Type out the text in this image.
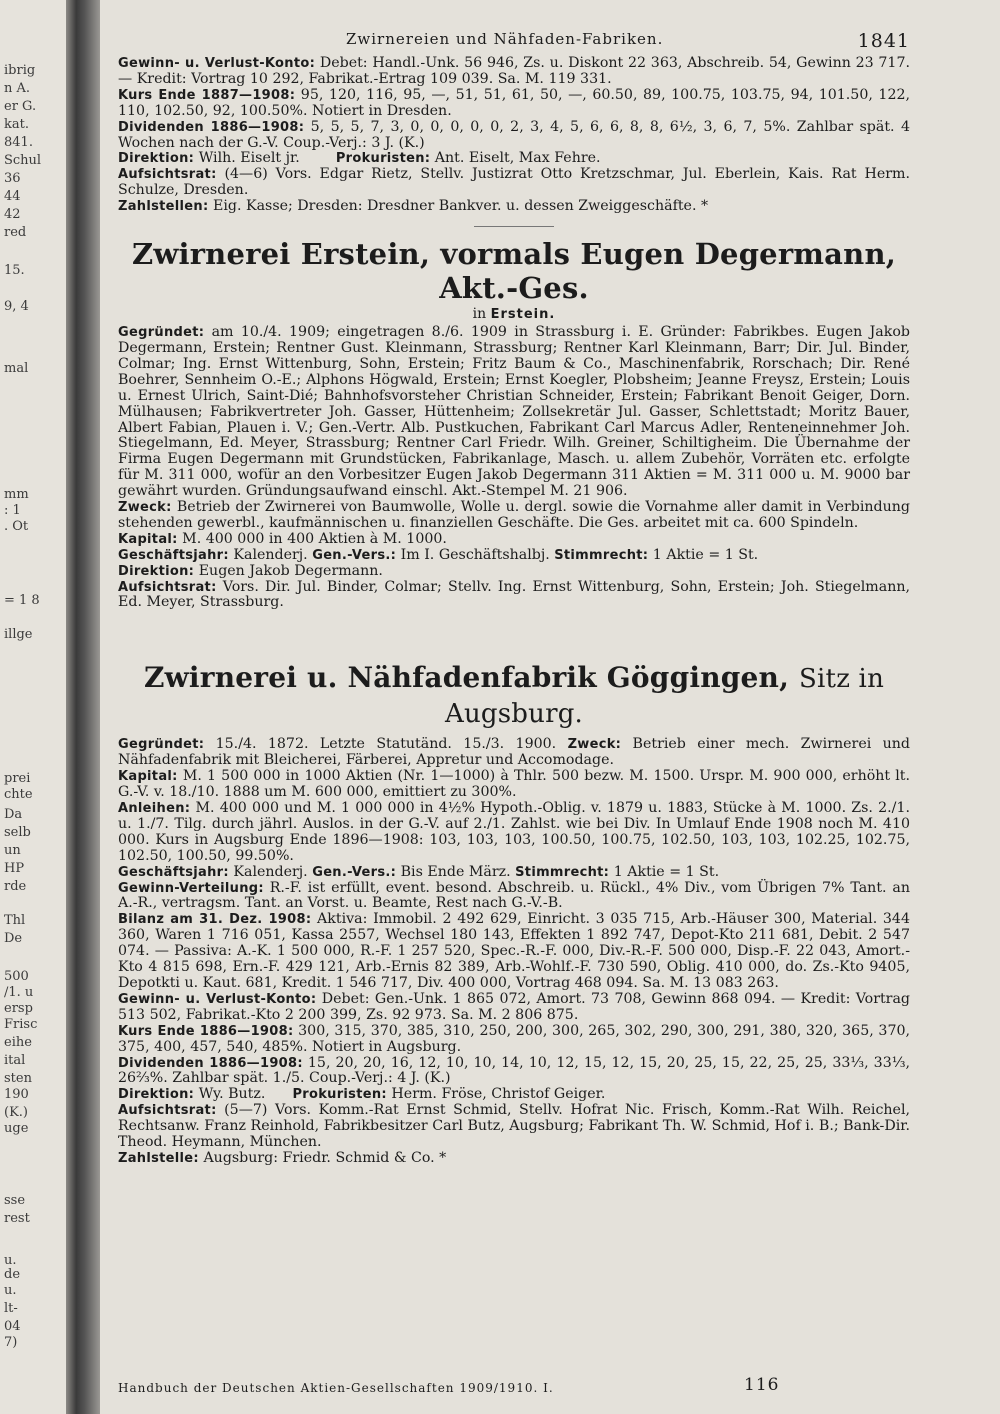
ibrig
n A.
er G.
kat.
841.
Schul
36
44
42
red
15.
9, 4
mal
mm
: 1
. Ot
= 1 8
illge
prei
chte
Da
selb
un
HP
rde
Thl
De
500
/1. u
ersp
Frisc
eihe
ital
sten
190
(K.)
uge
sse
rest
u.
de
u.
lt-
04
7)
Zwirnereien und Nähfaden-Fabriken.	1841

Gewinn- u. Verlust-Konto: Debet: Handl.-Unk. 56 946, Zs. u. Diskont 22 363, Abschreib. 54, Gewinn 23 717. — Kredit: Vortrag 10 292, Fabrikat.-Ertrag 109 039. Sa. M. 119 331.

Kurs Ende 1887—1908: 95, 120, 116, 95, —, 51, 51, 61, 50, —, 60.50, 89, 100.75, 103.75, 94, 101.50, 122, 110, 102.50, 92, 100.50%. Notiert in Dresden.

Dividenden 1886—1908: 5, 5, 5, 7, 3, 0, 0, 0, 0, 0, 2, 3, 4, 5, 6, 6, 8, 8, 6½, 3, 6, 7, 5%. Zahlbar spät. 4 Wochen nach der G.-V. Coup.-Verj.: 3 J. (K.)

Direktion: Wilh. Eiselt jr.	Prokuristen: Ant. Eiselt, Max Fehre.

Aufsichtsrat: (4—6) Vors. Edgar Rietz, Stellv. Justizrat Otto Kretzschmar, Jul. Eberlein, Kais. Rat Herm. Schulze, Dresden.

Zahlstellen: Eig. Kasse; Dresden: Dresdner Bankver. u. dessen Zweiggeschäfte. *

Zwirnerei Erstein, vormals Eugen Degermann, Akt.-Ges.
in Erstein.

Gegründet: am 10./4. 1909; eingetragen 8./6. 1909 in Strassburg i. E. Gründer: Fabrikbes. Eugen Jakob Degermann, Erstein; Rentner Gust. Kleinmann, Strassburg; Rentner Karl Kleinmann, Barr; Dir. Jul. Binder, Colmar; Ing. Ernst Wittenburg, Sohn, Erstein; Fritz Baum & Co., Maschinenfabrik, Rorschach; Dir. René Boehrer, Sennheim O.-E.; Alphons Högwald, Erstein; Ernst Koegler, Plobsheim; Jeanne Freysz, Erstein; Louis u. Ernest Ulrich, Saint-Dié; Bahnhofsvorsteher Christian Schneider, Erstein; Fabrikant Benoit Geiger, Dorn. Mülhausen; Fabrikvertreter Joh. Gasser, Hüttenheim; Zollsekretär Jul. Gasser, Schlettstadt; Moritz Bauer, Albert Fabian, Plauen i. V.; Gen.-Vertr. Alb. Pustkuchen, Fabrikant Carl Marcus Adler, Renteneinnehmer Joh. Stiegelmann, Ed. Meyer, Strassburg; Rentner Carl Friedr. Wilh. Greiner, Schiltigheim. Die Übernahme der Firma Eugen Degermann mit Grundstücken, Fabrikanlage, Masch. u. allem Zubehör, Vorräten etc. erfolgte für M. 311 000, wofür an den Vorbesitzer Eugen Jakob Degermann 311 Aktien = M. 311 000 u. M. 9000 bar gewährt wurden. Gründungsaufwand einschl. Akt.-Stempel M. 21 906.

Zweck: Betrieb der Zwirnerei von Baumwolle, Wolle u. dergl. sowie die Vornahme aller damit in Verbindung stehenden gewerbl., kaufmännischen u. finanziellen Geschäfte. Die Ges. arbeitet mit ca. 600 Spindeln.

Kapital: M. 400 000 in 400 Aktien à M. 1000.

Geschäftsjahr: Kalenderj. Gen.-Vers.: Im I. Geschäftshalbj. Stimmrecht: 1 Aktie = 1 St.

Direktion: Eugen Jakob Degermann.

Aufsichtsrat: Vors. Dir. Jul. Binder, Colmar; Stellv. Ing. Ernst Wittenburg, Sohn, Erstein; Joh. Stiegelmann, Ed. Meyer, Strassburg.

Zwirnerei u. Nähfadenfabrik Göggingen, Sitz in Augsburg.

Gegründet: 15./4. 1872. Letzte Statutänd. 15./3. 1900. Zweck: Betrieb einer mech. Zwirnerei und Nähfadenfabrik mit Bleicherei, Färberei, Appretur und Accomodage.

Kapital: M. 1 500 000 in 1000 Aktien (Nr. 1—1000) à Thlr. 500 bezw. M. 1500. Urspr. M. 900 000, erhöht lt. G.-V. v. 18./10. 1888 um M. 600 000, emittiert zu 300%.

Anleihen: M. 400 000 und M. 1 000 000 in 4½% Hypoth.-Oblig. v. 1879 u. 1883, Stücke à M. 1000. Zs. 2./1. u. 1./7. Tilg. durch jährl. Auslos. in der G.-V. auf 2./1. Zahlst. wie bei Div. In Umlauf Ende 1908 noch M. 410 000. Kurs in Augsburg Ende 1896—1908: 103, 103, 103, 100.50, 100.75, 102.50, 103, 103, 102.25, 102.75, 102.50, 100.50, 99.50%.

Geschäftsjahr: Kalenderj. Gen.-Vers.: Bis Ende März. Stimmrecht: 1 Aktie = 1 St.

Gewinn-Verteilung: R.-F. ist erfüllt, event. besond. Abschreib. u. Rückl., 4% Div., vom Übrigen 7% Tant. an A.-R., vertragsm. Tant. an Vorst. u. Beamte, Rest nach G.-V.-B.

Bilanz am 31. Dez. 1908: Aktiva: Immobil. 2 492 629, Einricht. 3 035 715, Arb.-Häuser 300, Material. 344 360, Waren 1 716 051, Kassa 2557, Wechsel 180 143, Effekten 1 892 747, Depot-Kto 211 681, Debit. 2 547 074. — Passiva: A.-K. 1 500 000, R.-F. 1 257 520, Spec.-R.-F. 000, Div.-R.-F. 500 000, Disp.-F. 22 043, Amort.-Kto 4 815 698, Ern.-F. 429 121, Arb.-Ernis 82 389, Arb.-Wohlf.-F. 730 590, Oblig. 410 000, do. Zs.-Kto 9405, Depotkti u. Kaut. 681, Kredit. 1 546 717, Div. 400 000, Vortrag 468 094. Sa. M. 13 083 263.

Gewinn- u. Verlust-Konto: Debet: Gen.-Unk. 1 865 072, Amort. 73 708, Gewinn 868 094. — Kredit: Vortrag 513 502, Fabrikat.-Kto 2 200 399, Zs. 92 973. Sa. M. 2 806 875.

Kurs Ende 1886—1908: 300, 315, 370, 385, 310, 250, 200, 300, 265, 302, 290, 300, 291, 380, 320, 365, 370, 375, 400, 457, 540, 485%. Notiert in Augsburg.

Dividenden 1886—1908: 15, 20, 20, 16, 12, 10, 10, 14, 10, 12, 15, 12, 15, 20, 25, 15, 22, 25, 25, 33⅓, 33⅓, 26⅔%. Zahlbar spät. 1./5. Coup.-Verj.: 4 J. (K.)

Direktion: Wy. Butz. Prokuristen: Herm. Fröse, Christof Geiger.

Aufsichtsrat: (5—7) Vors. Komm.-Rat Ernst Schmid, Stellv. Hofrat Nic. Frisch, Komm.-Rat Wilh. Reichel, Rechtsanw. Franz Reinhold, Fabrikbesitzer Carl Butz, Augsburg; Fabrikant Th. W. Schmid, Hof i. B.; Bank-Dir. Theod. Heymann, München.

Zahlstelle: Augsburg: Friedr. Schmid & Co. *

Handbuch der Deutschen Aktien-Gesellschaften 1909/1910. I.	116
